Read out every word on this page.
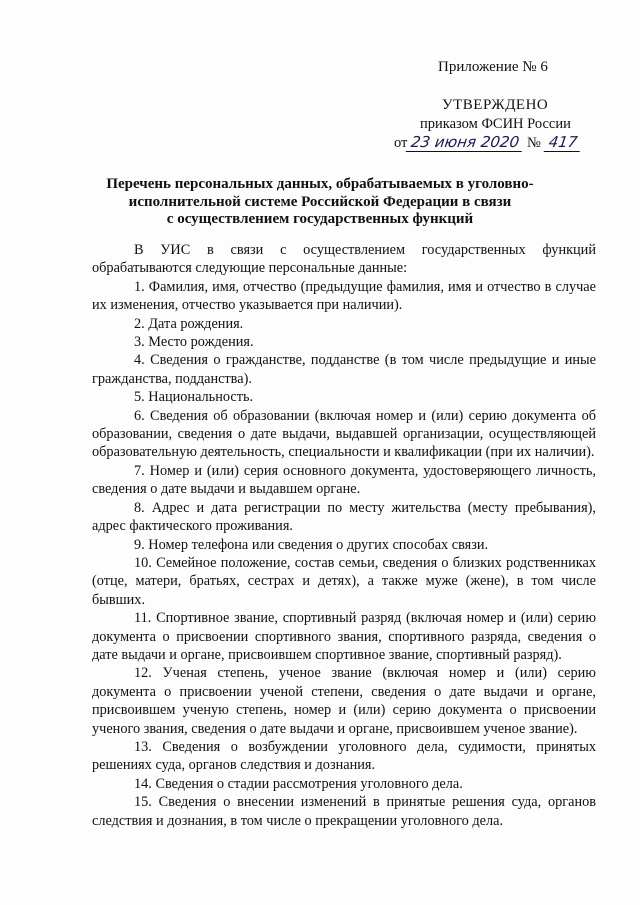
Приложение № 6
УТВЕРЖДЕНО
приказом ФСИН России
от 23 июня 2020 № 417
Перечень персональных данных, обрабатываемых в уголовно-
исполнительной системе Российской Федерации в связи
с осуществлением государственных функций

В УИС в связи с осуществлением государственных функций обрабатываются следующие персональные данные:

1. Фамилия, имя, отчество (предыдущие фамилия, имя и отчество в случае их изменения, отчество указывается при наличии).

2. Дата рождения.

3. Место рождения.

4. Сведения о гражданстве, подданстве (в том числе предыдущие и иные гражданства, подданства).

5. Национальность.

6. Сведения об образовании (включая номер и (или) серию документа об образовании, сведения о дате выдачи, выдавшей организации, осуществляющей образовательную деятельность, специальности и квалификации (при их наличии).

7. Номер и (или) серия основного документа, удостоверяющего личность, сведения о дате выдачи и выдавшем органе.

8. Адрес и дата регистрации по месту жительства (месту пребывания), адрес фактического проживания.

9. Номер телефона или сведения о других способах связи.

10. Семейное положение, состав семьи, сведения о близких родственниках (отце, матери, братьях, сестрах и детях), а также муже (жене), в том числе бывших.

11. Спортивное звание, спортивный разряд (включая номер и (или) серию документа о присвоении спортивного звания, спортивного разряда, сведения о дате выдачи и органе, присвоившем спортивное звание, спортивный разряд).

12. Ученая степень, ученое звание (включая номер и (или) серию документа о присвоении ученой степени, сведения о дате выдачи и органе, присвоившем ученую степень, номер и (или) серию документа о присвоении ученого звания, сведения о дате выдачи и органе, присвоившем ученое звание).

13. Сведения о возбуждении уголовного дела, судимости, принятых решениях суда, органов следствия и дознания.

14. Сведения о стадии рассмотрения уголовного дела.

15. Сведения о внесении изменений в принятые решения суда, органов следствия и дознания, в том числе о прекращении уголовного дела.
